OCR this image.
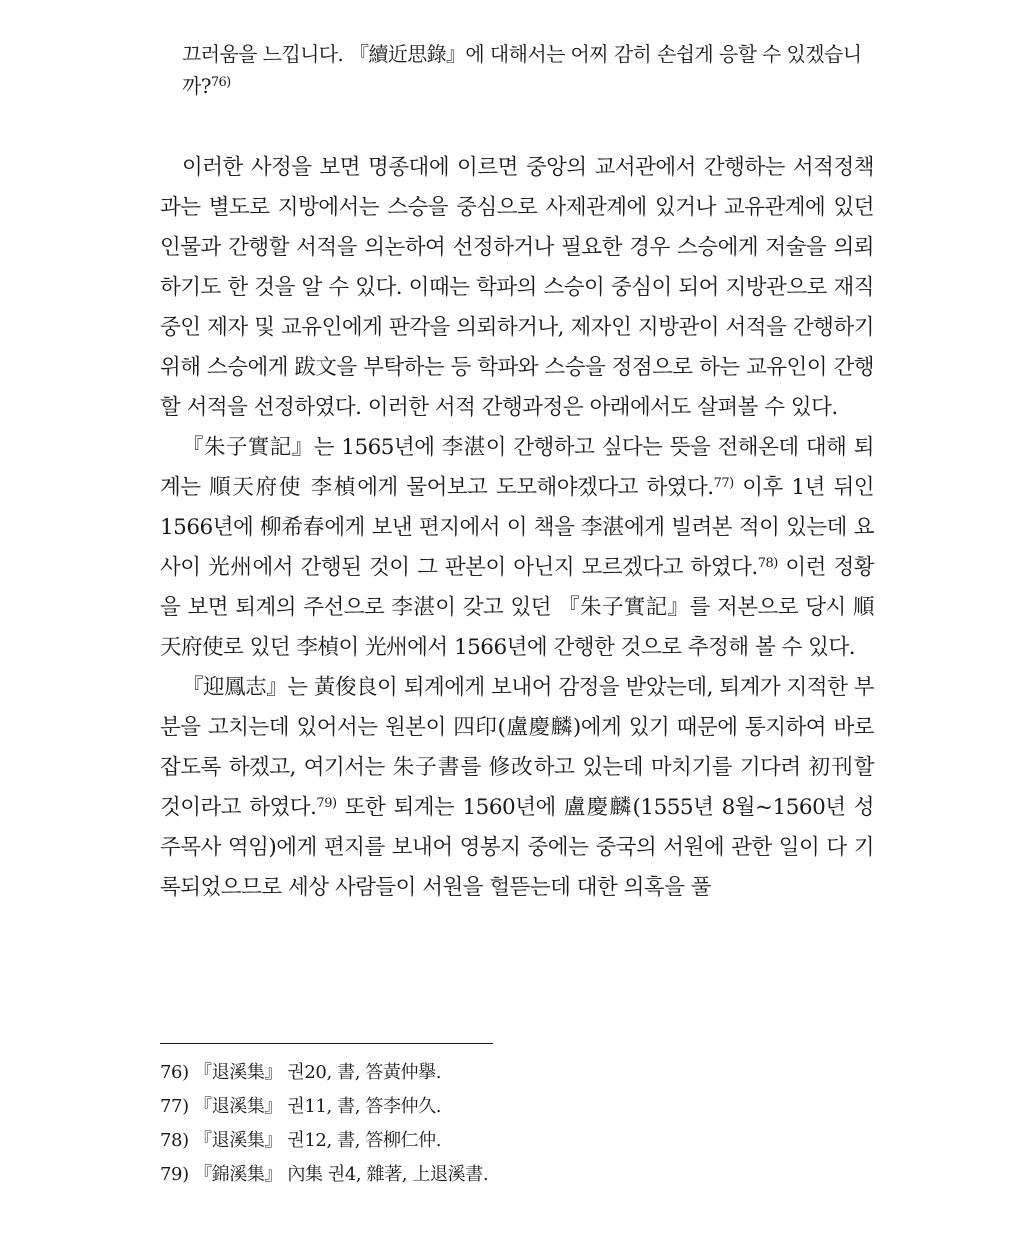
끄러움을 느낍니다. 『續近思錄』에 대해서는 어찌 감히 손쉽게 응할 수 있겠습니까?$^{76)}$

이러한 사정을 보면 명종대에 이르면 중앙의 교서관에서 간행하는 서적정책과는 별도로 지방에서는 스승을 중심으로 사제관계에 있거나 교유관계에 있던 인물과 간행할 서적을 의논하여 선정하거나 필요한 경우 스승에게 저술을 의뢰하기도 한 것을 알 수 있다. 이때는 학파의 스승이 중심이 되어 지방관으로 재직 중인 제자 및 교유인에게 판각을 의뢰하거나, 제자인 지방관이 서적을 간행하기 위해 스승에게 跋文을 부탁하는 등 학파와 스승을 정점으로 하는 교유인이 간행할 서적을 선정하였다. 이러한 서적 간행과정은 아래에서도 살펴볼 수 있다.

『朱子實記』는 1565년에 李湛이 간행하고 싶다는 뜻을 전해온데 대해 퇴계는 順天府使 李楨에게 물어보고 도모해야겠다고 하였다.$^{77)}$ 이후 1년 뒤인 1566년에 柳希春에게 보낸 편지에서 이 책을 李湛에게 빌려본 적이 있는데 요사이 光州에서 간행된 것이 그 판본이 아닌지 모르겠다고 하였다.$^{78)}$ 이런 정황을 보면 퇴계의 주선으로 李湛이 갖고 있던 『朱子實記』를 저본으로 당시 順天府使로 있던 李楨이 光州에서 1566년에 간행한 것으로 추정해 볼 수 있다.

『迎鳳志』는 黃俊良이 퇴계에게 보내어 감정을 받았는데, 퇴계가 지적한 부분을 고치는데 있어서는 원본이 四印(盧慶麟)에게 있기 때문에 통지하여 바로잡도록 하겠고, 여기서는 朱子書를 修改하고 있는데 마치기를 기다려 初刊할 것이라고 하였다.$^{79)}$ 또한 퇴계는 1560년에 盧慶麟(1555년 8월~1560년 성주목사 역임)에게 편지를 보내어 영봉지 중에는 중국의 서원에 관한 일이 다 기록되었으므로 세상 사람들이 서원을 헐뜯는데 대한 의혹을 풀

76) 『退溪集』 권20, 書, 答黃仲擧.
77) 『退溪集』 권11, 書, 答李仲久.
78) 『退溪集』 권12, 書, 答柳仁仲.
79) 『錦溪集』 內集 권4, 雜著, 上退溪書.
